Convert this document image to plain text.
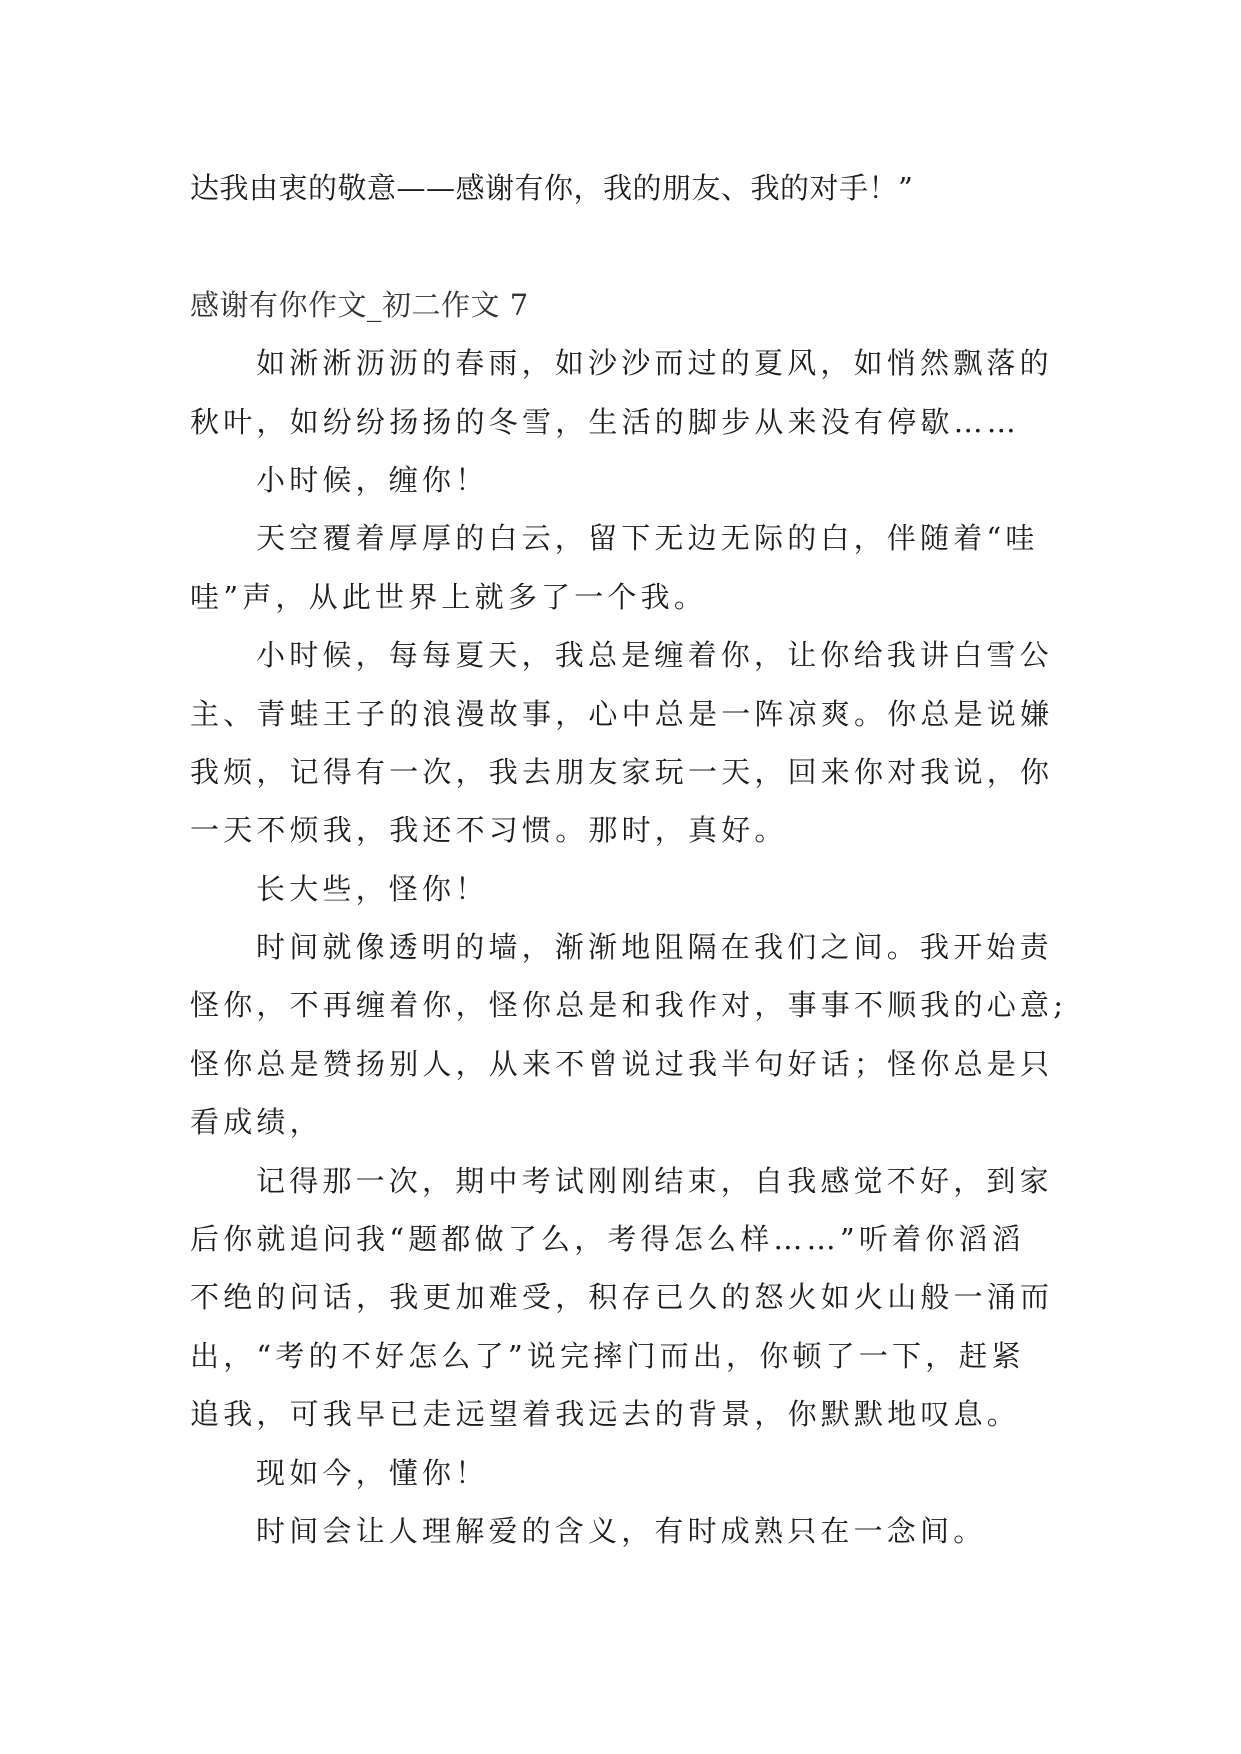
达我由衷的敬意——感谢有你，我的朋友、我的对手！”
感谢有你作文_初二作文 7
如淅淅沥沥的春雨，如沙沙而过的夏风，如悄然飘落的
秋叶，如纷纷扬扬的冬雪，生活的脚步从来没有停歇……
小时候，缠你！
天空覆着厚厚的白云，留下无边无际的白，伴随着“哇
哇”声，从此世界上就多了一个我。
小时候，每每夏天，我总是缠着你，让你给我讲白雪公
主、青蛙王子的浪漫故事，心中总是一阵凉爽。你总是说嫌
我烦，记得有一次，我去朋友家玩一天，回来你对我说，你
一天不烦我，我还不习惯。那时，真好。
长大些，怪你！
时间就像透明的墙，渐渐地阻隔在我们之间。我开始责
怪你，不再缠着你，怪你总是和我作对，事事不顺我的心意;
怪你总是赞扬别人，从来不曾说过我半句好话；怪你总是只
看成绩，
记得那一次，期中考试刚刚结束，自我感觉不好，到家
后你就追问我“题都做了么，考得怎么样……”听着你滔滔
不绝的问话，我更加难受，积存已久的怒火如火山般一涌而
出，“考的不好怎么了”说完摔门而出，你顿了一下，赶紧
追我，可我早已走远望着我远去的背景，你默默地叹息。
现如今，懂你！
时间会让人理解爱的含义，有时成熟只在一念间。
